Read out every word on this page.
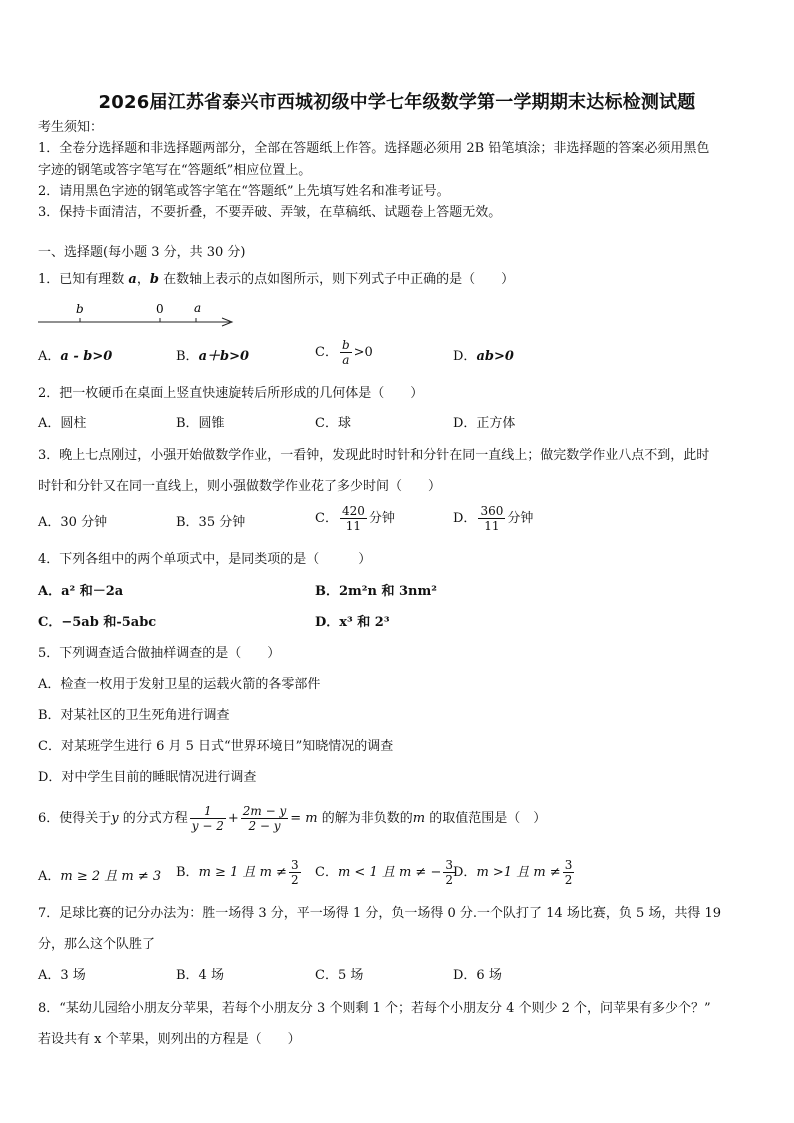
2026届江苏省泰兴市西城初级中学七年级数学第一学期期末达标检测试题
考生须知：
1．全卷分选择题和非选择题两部分，全部在答题纸上作答。选择题必须用 2B 铅笔填涂；非选择题的答案必须用黑色
字迹的钢笔或答字笔写在“答题纸”相应位置上。
2．请用黑色字迹的钢笔或答字笔在“答题纸”上先填写姓名和准考证号。
3．保持卡面清洁，不要折叠，不要弄破、弄皱，在草稿纸、试题卷上答题无效。
一、选择题(每小题 3 分，共 30 分)
1．已知有理数 a，b 在数轴上表示的点如图所示，则下列式子中正确的是（　　）
b	0	a
A．a - b>0	B．a＋b>0	C． $\frac{b}{a} >0$	D．ab>0
2．把一枚硬币在桌面上竖直快速旋转后所形成的几何体是（　　）
A．圆柱	B．圆锥	C．球	D．正方体
3．晚上七点刚过，小强开始做数学作业，一看钟，发现此时时针和分针在同一直线上；做完数学作业八点不到，此时
时针和分针又在同一直线上，则小强做数学作业花了多少时间（　　）
A．30 分钟	B．35 分钟	C． $\frac{420}{11}$ 分钟	D． $\frac{360}{11}$ 分钟
4．下列各组中的两个单项式中，是同类项的是（　　　）
A．a² 和－2a	B．2m²n 和 3nm²
C．−5ab 和-5abc	D．x³ 和 2³
5．下列调查适合做抽样调查的是（　　）
A．检查一枚用于发射卫星的运载火箭的各零部件
B．对某社区的卫生死角进行调查
C．对某班学生进行 6 月 5 日式“世界环境日”知晓情况的调查
D．对中学生目前的睡眠情况进行调查
6．使得关于y 的分式方程 $\frac{1}{y - 2} + \frac{2m - y}{2 - y} = m$ 的解为非负数的m 的取值范围是（　）
A．m ≥ 2 且 m ≠ 3 B．m ≥ 1 且 $m \ne \frac{3}{2}$ C．m < 1 且 m ≠ − $\frac{3}{2}$
D．m >1 且 $m \ne \frac{3}{2}$
7．足球比赛的记分办法为：胜一场得 3 分，平一场得 1 分，负一场得 0 分.一个队打了 14 场比赛，负 5 场，共得 19
分，那么这个队胜了
A．3 场	B．4 场	C．5 场	D．6 场
8．“某幼儿园给小朋友分苹果，若每个小朋友分 3 个则剩 1 个；若每个小朋友分 4 个则少 2 个，问苹果有多少个？”
若设共有 x 个苹果，则列出的方程是（　　）
